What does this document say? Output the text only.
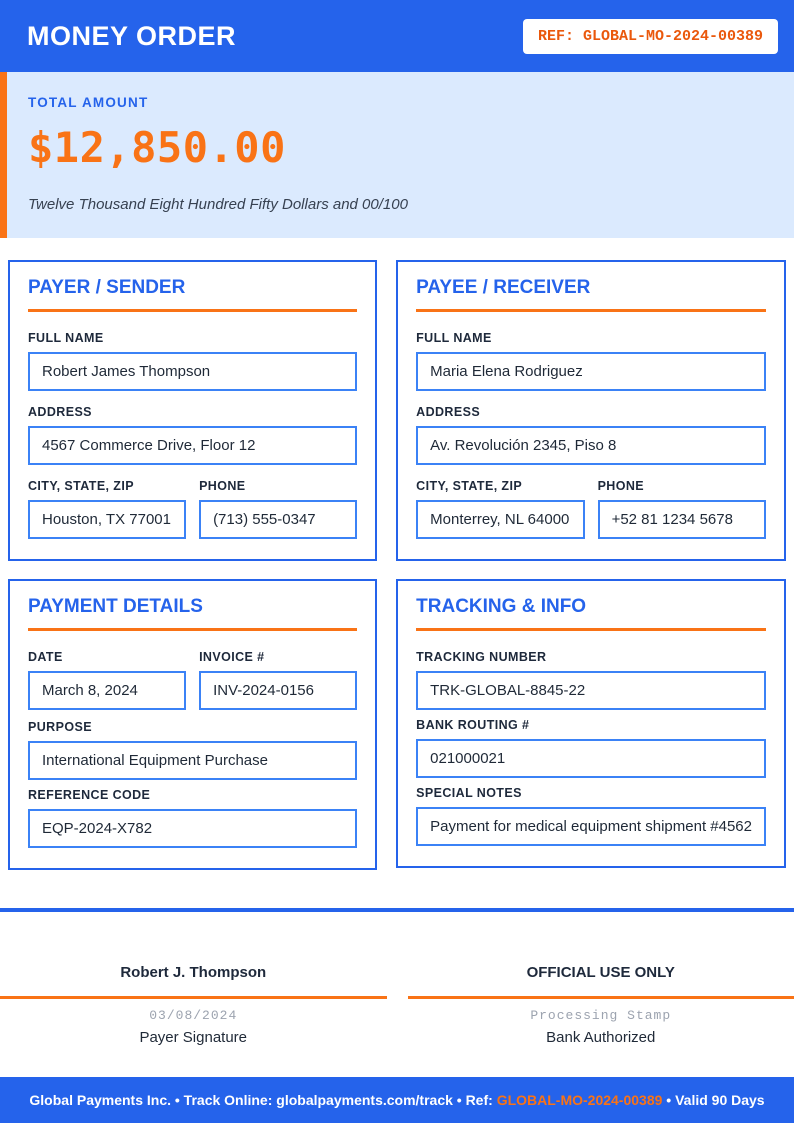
MONEY ORDER	REF: GLOBAL-MO-2024-00389
TOTAL AMOUNT
$12,850.00
Twelve Thousand Eight Hundred Fifty Dollars and 00/100
PAYER / SENDER
FULL NAME
Robert James Thompson
ADDRESS
4567 Commerce Drive, Floor 12
CITY, STATE, ZIP
Houston, TX 77001
PHONE
(713) 555-0347
PAYEE / RECEIVER
FULL NAME
Maria Elena Rodriguez
ADDRESS
Av. Revolución 2345, Piso 8
CITY, STATE, ZIP
Monterrey, NL 64000
PHONE
+52 81 1234 5678
PAYMENT DETAILS
DATE
March 8, 2024
INVOICE #
INV-2024-0156
PURPOSE
International Equipment Purchase
REFERENCE CODE
EQP-2024-X782
TRACKING & INFO
TRACKING NUMBER
TRK-GLOBAL-8845-22
BANK ROUTING #
021000021
SPECIAL NOTES
Payment for medical equipment shipment #4562
Robert J. Thompson
03/08/2024
Payer Signature
OFFICIAL USE ONLY
Processing Stamp
Bank Authorized
Global Payments Inc. • Track Online: globalpayments.com/track • Ref: GLOBAL-MO-2024-00389 • Valid 90 Days
